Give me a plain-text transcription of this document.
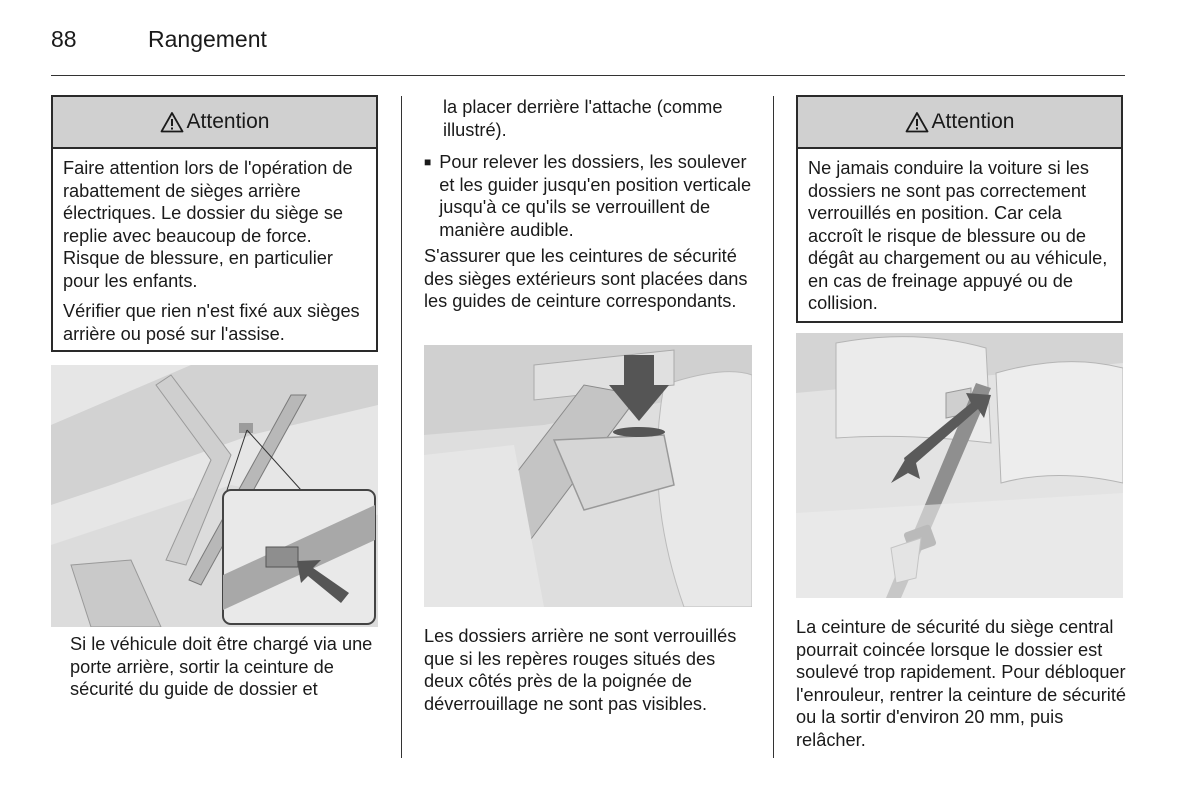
88	Rangement
Attention

Faire attention lors de l'opération de rabattement de sièges arrière électriques. Le dossier du siège se replie avec beaucoup de force. Risque de blessure, en particulier pour les enfants.

Vérifier que rien n'est fixé aux sièges arrière ou posé sur l'assise.

Si le véhicule doit être chargé via une porte arrière, sortir la ceinture de sécurité du guide de dossier et
la placer derrière l'attache (comme illustré).
■ Pour relever les dossiers, les soulever et les guider jusqu'en position verticale jusqu'à ce qu'ils se verrouillent de manière audible.
S'assurer que les ceintures de sécurité des sièges extérieurs sont placées dans les guides de ceinture correspondants.
Les dossiers arrière ne sont verrouillés que si les repères rouges situés des deux côtés près de la poignée de déverrouillage ne sont pas visibles.
Attention

Ne jamais conduire la voiture si les dossiers ne sont pas correctement verrouillés en position. Car cela accroît le risque de blessure ou de dégât au chargement ou au véhicule, en cas de freinage appuyé ou de collision.

La ceinture de sécurité du siège central pourrait coincée lorsque le dossier est soulevé trop rapidement. Pour débloquer l'enrouleur, rentrer la ceinture de sécurité ou la sortir d'environ 20 mm, puis relâcher.
